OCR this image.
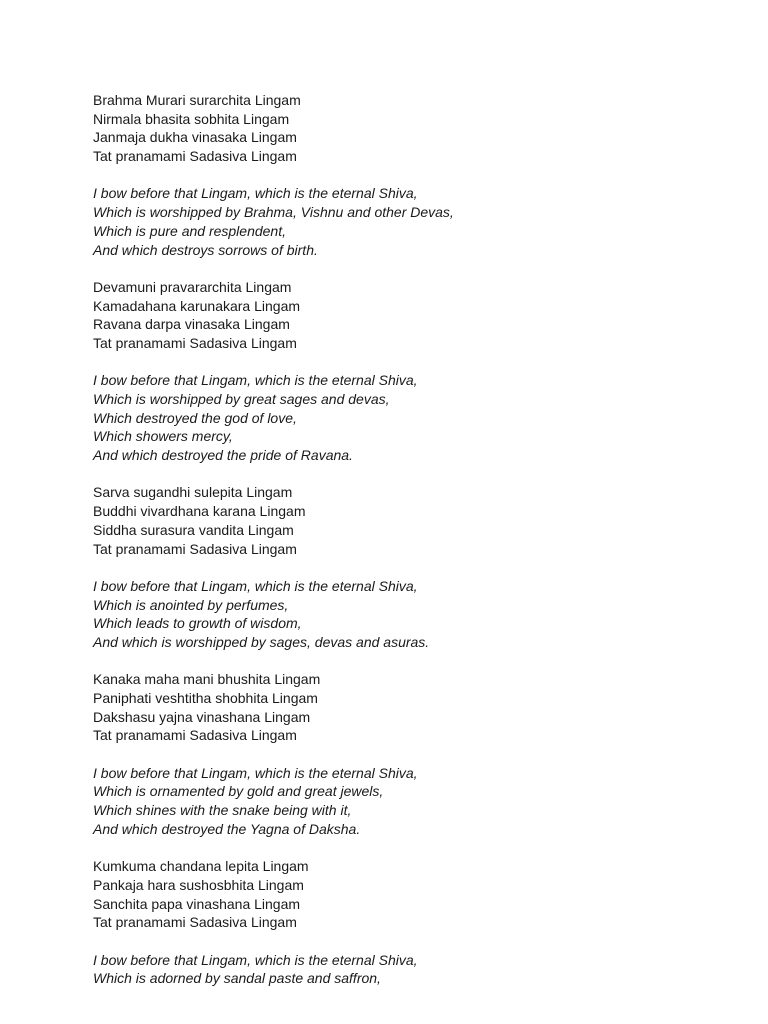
Brahma Murari surarchita Lingam
Nirmala bhasita sobhita Lingam
Janmaja dukha vinasaka Lingam
Tat pranamami Sadasiva Lingam
I bow before that Lingam, which is the eternal Shiva,
Which is worshipped by Brahma, Vishnu and other Devas,
Which is pure and resplendent,
And which destroys sorrows of birth.
Devamuni pravararchita Lingam
Kamadahana karunakara Lingam
Ravana darpa vinasaka Lingam
Tat pranamami Sadasiva Lingam
I bow before that Lingam, which is the eternal Shiva,
Which is worshipped by great sages and devas,
Which destroyed the god of love,
Which showers mercy,
And which destroyed the pride of Ravana.
Sarva sugandhi sulepita Lingam
Buddhi vivardhana karana Lingam
Siddha surasura vandita Lingam
Tat pranamami Sadasiva Lingam
I bow before that Lingam, which is the eternal Shiva,
Which is anointed by perfumes,
Which leads to growth of wisdom,
And which is worshipped by sages, devas and asuras.
Kanaka maha mani bhushita Lingam
Paniphati veshtitha shobhita Lingam
Dakshasu yajna vinashana Lingam
Tat pranamami Sadasiva Lingam
I bow before that Lingam, which is the eternal Shiva,
Which is ornamented by gold and great jewels,
Which shines with the snake being with it,
And which destroyed the Yagna of Daksha.
Kumkuma chandana lepita Lingam
Pankaja hara sushosbhita Lingam
Sanchita papa vinashana Lingam
Tat pranamami Sadasiva Lingam
I bow before that Lingam, which is the eternal Shiva,
Which is adorned by sandal paste and saffron,
